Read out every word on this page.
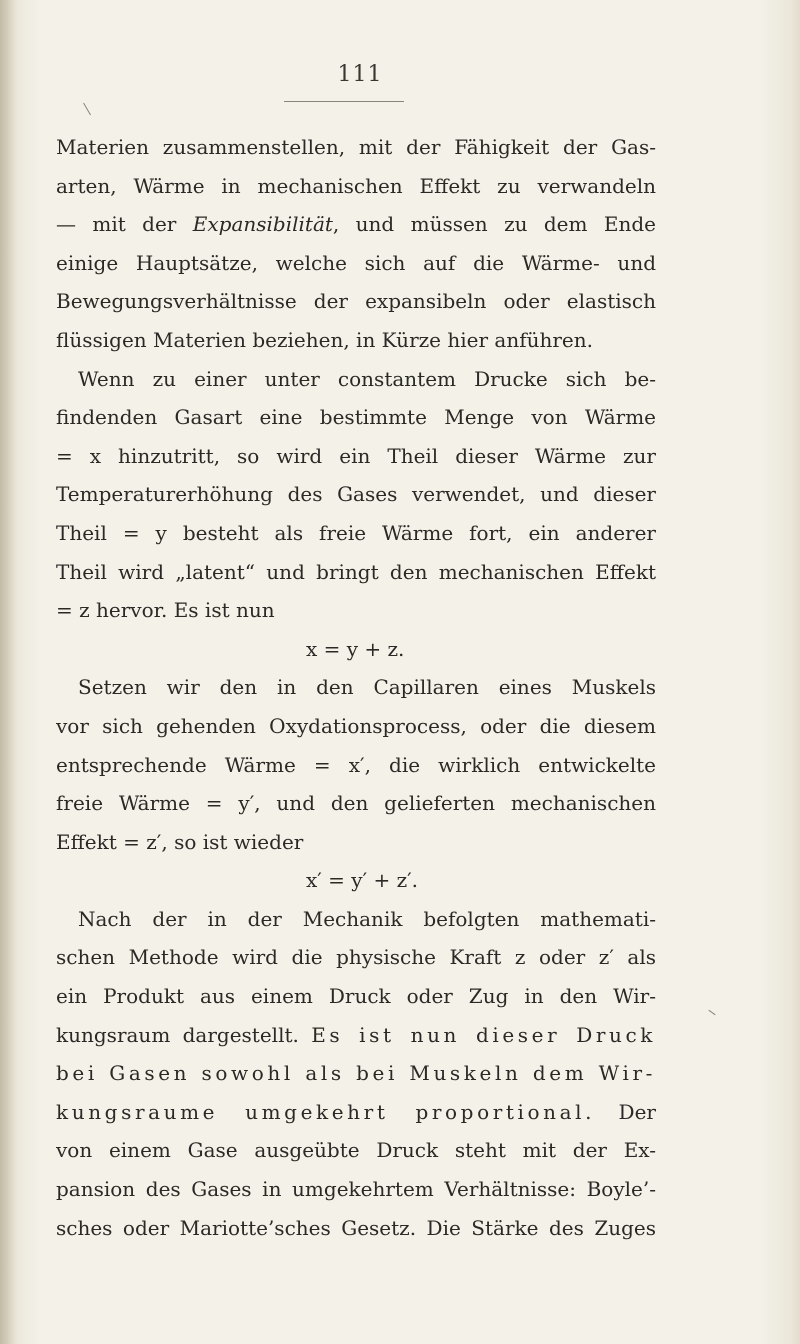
111
Materien zusammenstellen, mit der Fähigkeit der Gas-
arten, Wärme in mechanischen Effekt zu verwandeln
— mit der Expansibilität, und müssen zu dem Ende
einige Hauptsätze, welche sich auf die Wärme- und
Bewegungsverhältnisse der expansibeln oder elastisch
flüssigen Materien beziehen, in Kürze hier anführen.
Wenn zu einer unter constantem Drucke sich be-
findenden Gasart eine bestimmte Menge von Wärme
= x hinzutritt, so wird ein Theil dieser Wärme zur
Temperaturerhöhung des Gases verwendet, und dieser
Theil = y besteht als freie Wärme fort, ein anderer
Theil wird „latent“ und bringt den mechanischen Effekt
= z hervor. Es ist nun
x = y + z.
Setzen wir den in den Capillaren eines Muskels
vor sich gehenden Oxydationsprocess, oder die diesem
entsprechende Wärme = x′, die wirklich entwickelte
freie Wärme = y′, und den gelieferten mechanischen
Effekt = z′, so ist wieder
x′ = y′ + z′.
Nach der in der Mechanik befolgten mathemati-
schen Methode wird die physische Kraft z oder z′ als
ein Produkt aus einem Druck oder Zug in den Wir-
kungsraum dargestellt. Es ist nun dieser Druck
bei Gasen sowohl als bei Muskeln dem Wir-
kungsraume umgekehrt proportional. Der
von einem Gase ausgeübte Druck steht mit der Ex-
pansion des Gases in umgekehrtem Verhältnisse: Boyle’-
sches oder Mariotte’sches Gesetz. Die Stärke des Zuges
